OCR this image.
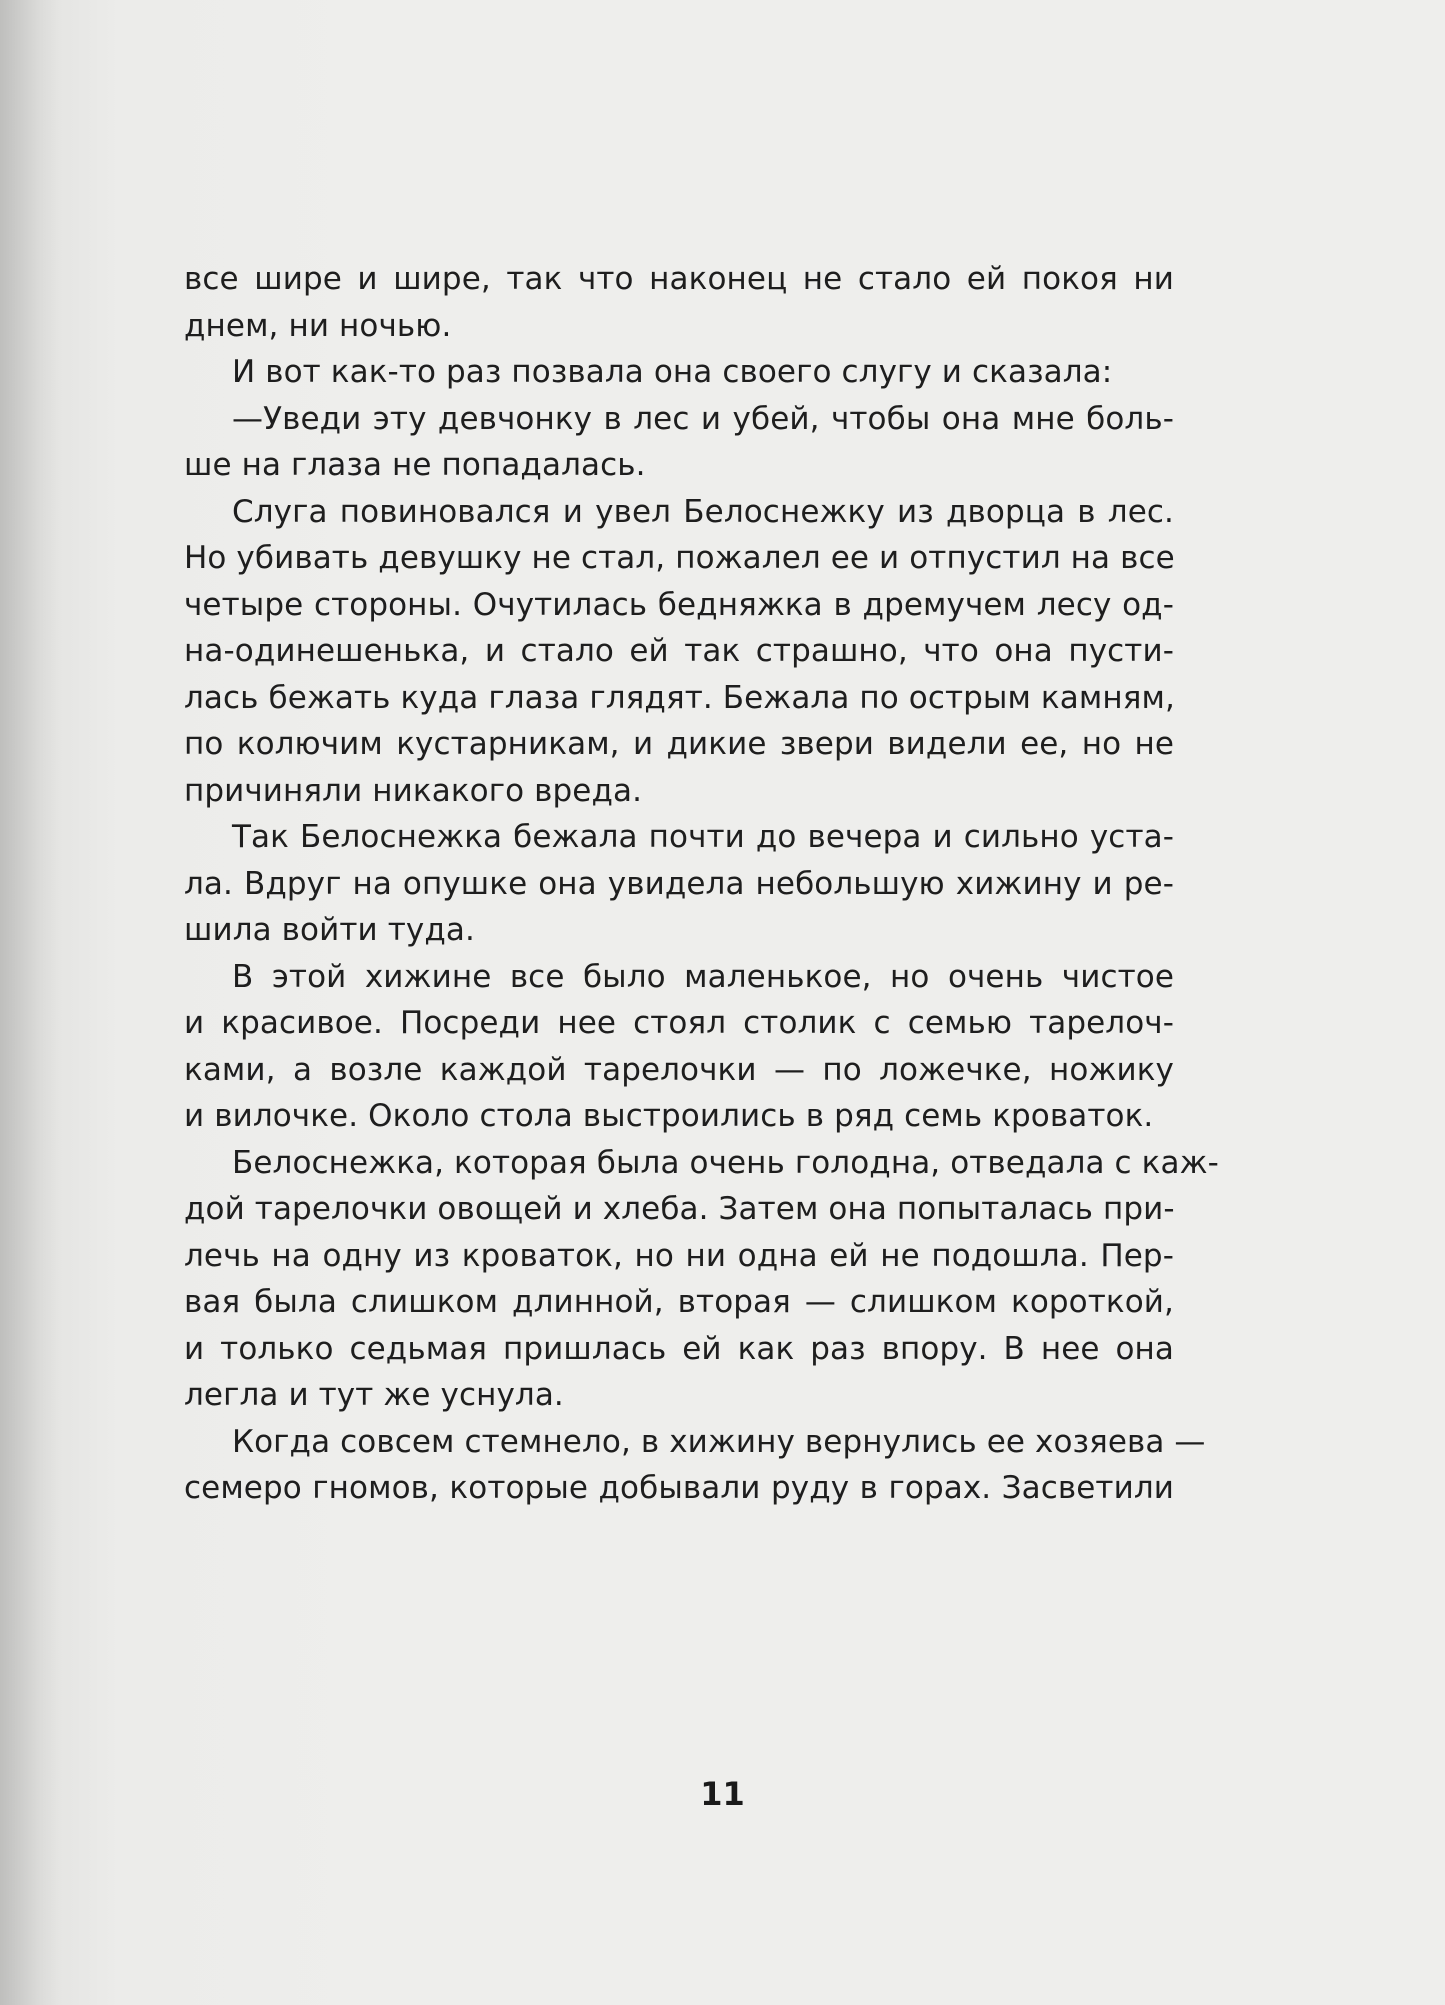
все шире и шире, так что наконец не стало ей покоя ни
днем, ни ночью.
И вот как-то раз позвала она своего слугу и сказала:
—Уведи эту девчонку в лес и убей, чтобы она мне боль-
ше на глаза не попадалась.
Слуга повиновался и увел Белоснежку из дворца в лес.
Но убивать девушку не стал, пожалел ее и отпустил на все
четыре стороны. Очутилась бедняжка в дремучем лесу од-
на-одинешенька, и стало ей так страшно, что она пусти-
лась бежать куда глаза глядят. Бежала по острым камням,
по колючим кустарникам, и дикие звери видели ее, но не
причиняли никакого вреда.
Так Белоснежка бежала почти до вечера и сильно уста-
ла. Вдруг на опушке она увидела небольшую хижину и ре-
шила войти туда.
В этой хижине все было маленькое, но очень чистое
и красивое. Посреди нее стоял столик с семью тарелоч-
ками, а возле каждой тарелочки — по ложечке, ножику
и вилочке. Около стола выстроились в ряд семь кроваток.
Белоснежка, которая была очень голодна, отведала с каж-
дой тарелочки овощей и хлеба. Затем она попыталась при-
лечь на одну из кроваток, но ни одна ей не подошла. Пер-
вая была слишком длинной, вторая — слишком короткой,
и только седьмая пришлась ей как раз впору. В нее она
легла и тут же уснула.
Когда совсем стемнело, в хижину вернулись ее хозяева —
семеро гномов, которые добывали руду в горах. Засветили
11
